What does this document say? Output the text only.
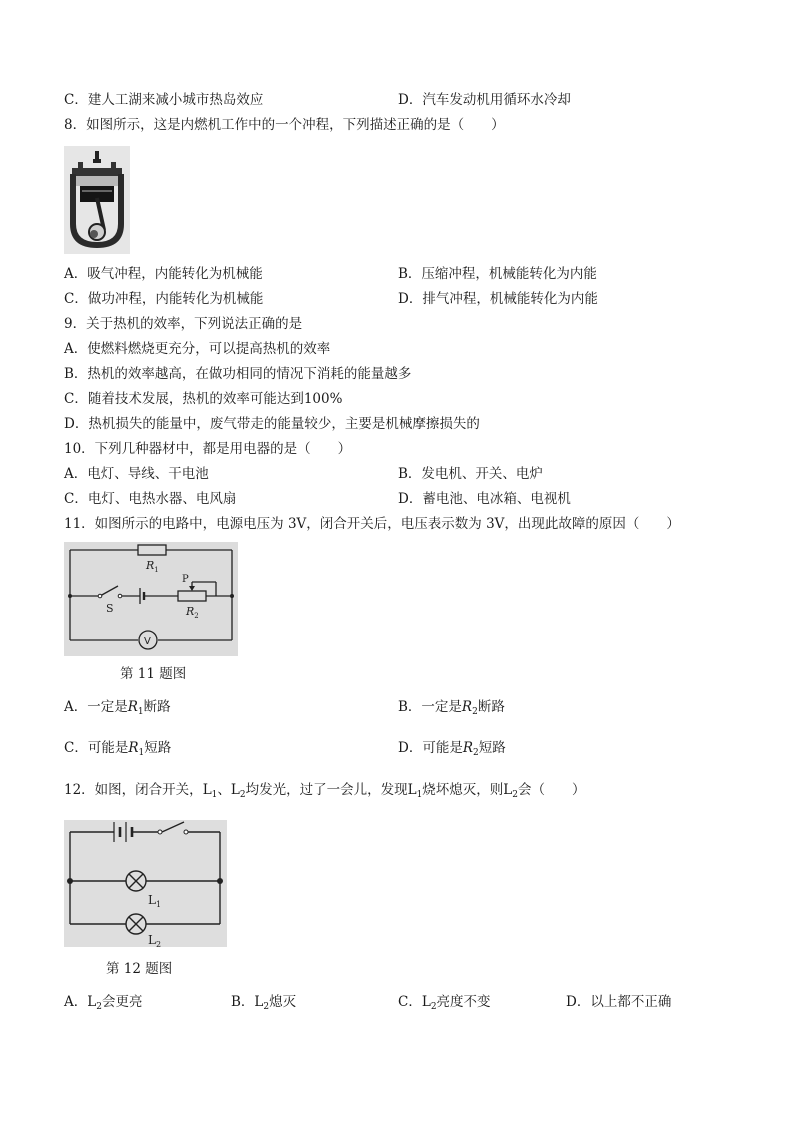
C．建人工湖来减小城市热岛效应	D．汽车发动机用循环水冷却
8．如图所示，这是内燃机工作中的一个冲程，下列描述正确的是（　　）
A．吸气冲程，内能转化为机械能	B．压缩冲程，机械能转化为内能
C．做功冲程，内能转化为机械能	D．排气冲程，机械能转化为内能
9．关于热机的效率，下列说法正确的是
A．使燃料燃烧更充分，可以提高热机的效率
B．热机的效率越高，在做功相同的情况下消耗的能量越多
C．随着技术发展，热机的效率可能达到100%
D．热机损失的能量中，废气带走的能量较少，主要是机械摩擦损失的
10．下列几种器材中，都是用电器的是（　　）
A．电灯、导线、干电池	B．发电机、开关、电炉
C．电灯、电热水器、电风扇	D．蓄电池、电冰箱、电视机
11．如图所示的电路中，电源电压为 3V，闭合开关后，电压表示数为 3V，出现此故障的原因（　　）
$R_1$
P
$R_2$
S
V
第 11 题图
A．一定是$R_1$断路	B．一定是$R_2$断路
C．可能是$R_1$短路	D．可能是$R_2$短路
12．如图，闭合开关，$L_1$、$L_2$均发光，过了一会儿，发现$L_1$烧坏熄灭，则$L_2$会（　　）
$L_1$
$L_2$
第 12 题图
A．$L_2$会更亮	B．$L_2$熄灭	C．$L_2$亮度不变	D．以上都不正确
